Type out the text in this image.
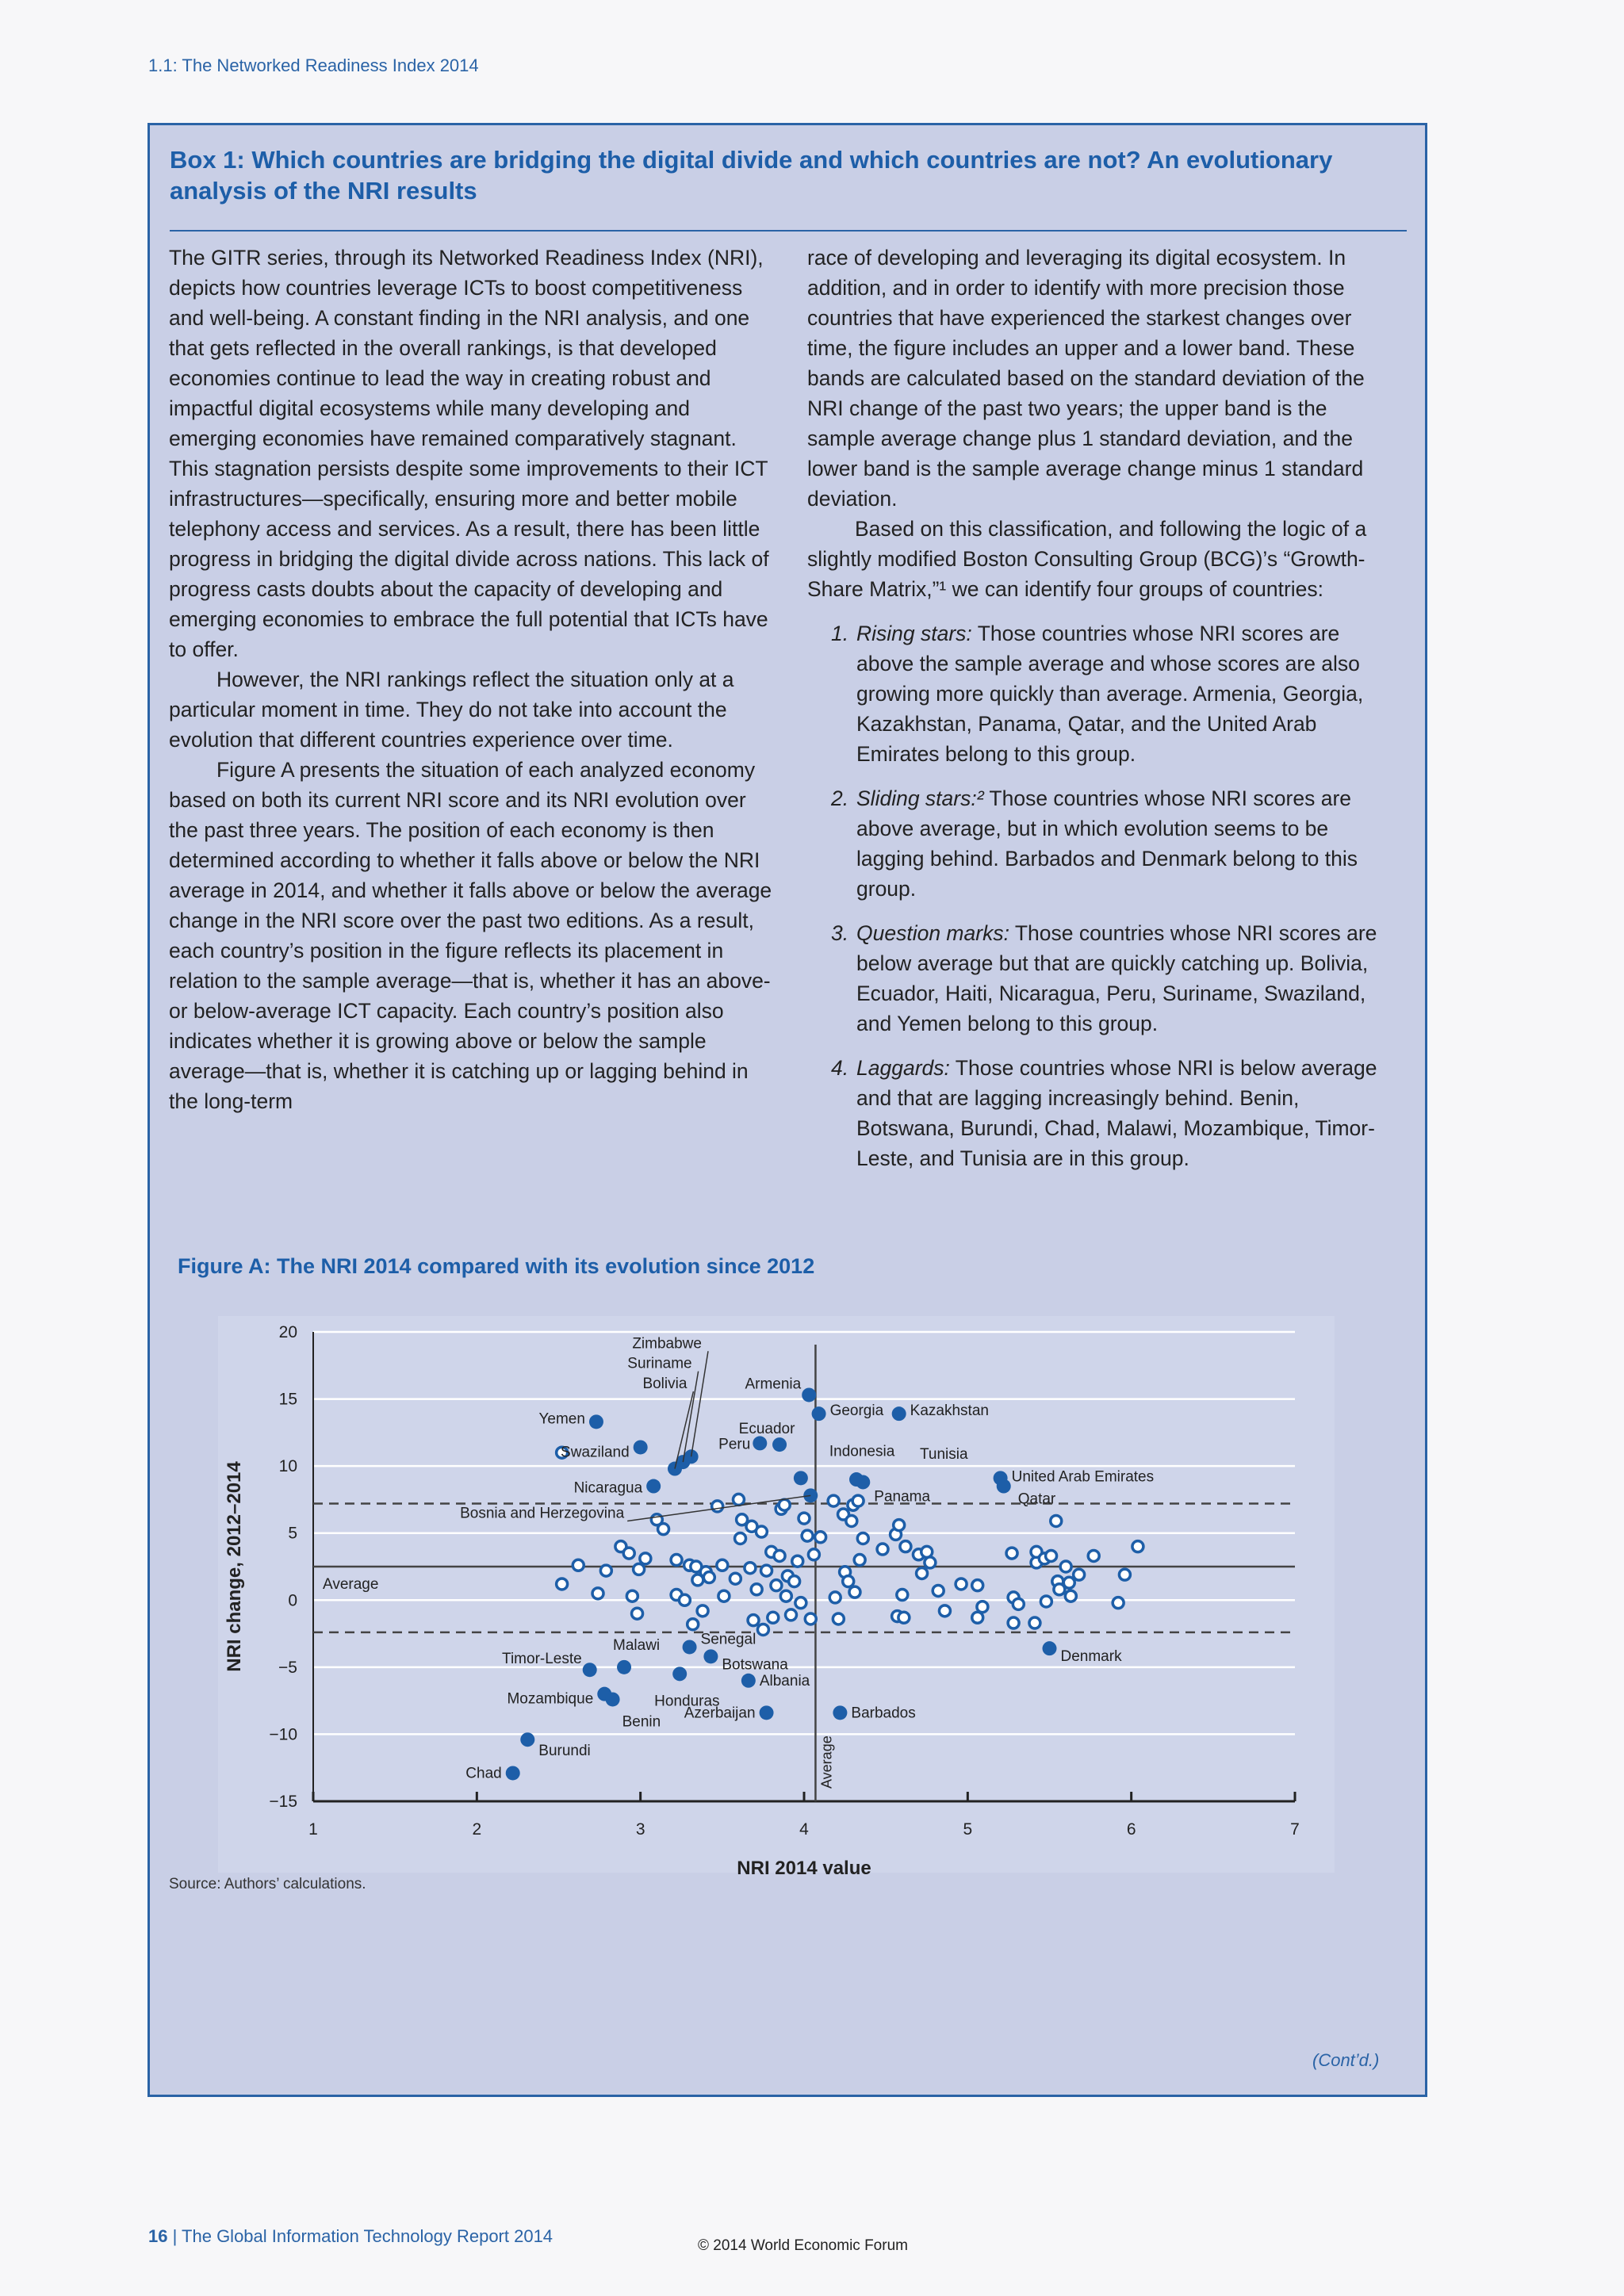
1.1: The Networked Readiness Index 2014
Box 1: Which countries are bridging the digital divide and which countries are not? An evolutionary analysis of the NRI results

The GITR series, through its Networked Readiness Index (NRI), depicts how countries leverage ICTs to boost competitiveness and well-being. A constant finding in the NRI analysis, and one that gets reflected in the overall rankings, is that developed economies continue to lead the way in creating robust and impactful digital ecosystems while many developing and emerging economies have remained comparatively stagnant. This stagnation persists despite some improvements to their ICT infrastructures—specifically, ensuring more and better mobile telephony access and services. As a result, there has been little progress in bridging the digital divide across nations. This lack of progress casts doubts about the capacity of developing and emerging economies to embrace the full potential that ICTs have to offer.

However, the NRI rankings reflect the situation only at a particular moment in time. They do not take into account the evolution that different countries experience over time.

Figure A presents the situation of each analyzed economy based on both its current NRI score and its NRI evolution over the past three years. The position of each economy is then determined according to whether it falls above or below the NRI average in 2014, and whether it falls above or below the average change in the NRI score over the past two editions. As a result, each country’s position in the figure reflects its placement in relation to the sample average—that is, whether it has an above- or below-average ICT capacity. Each country’s position also indicates whether it is growing above or below the sample average—that is, whether it is catching up or lagging behind in the long-term

race of developing and leveraging its digital ecosystem. In addition, and in order to identify with more precision those countries that have experienced the starkest changes over time, the figure includes an upper and a lower band. These bands are calculated based on the standard deviation of the NRI change of the past two years; the upper band is the sample average change plus 1 standard deviation, and the lower band is the sample average change minus 1 standard deviation.

Based on this classification, and following the logic of a slightly modified Boston Consulting Group (BCG)’s “Growth-Share Matrix,”¹ we can identify four groups of countries:

1. Rising stars: Those countries whose NRI scores are above the sample average and whose scores are also growing more quickly than average. Armenia, Georgia, Kazakhstan, Panama, Qatar, and the United Arab Emirates belong to this group.
2. Sliding stars:² Those countries whose NRI scores are above average, but in which evolution seems to be lagging behind. Barbados and Denmark belong to this group.
3. Question marks: Those countries whose NRI scores are below average but that are quickly catching up. Bolivia, Ecuador, Haiti, Nicaragua, Peru, Suriname, Swaziland, and Yemen belong to this group.
4. Laggards: Those countries whose NRI is below average and that are lagging increasingly behind. Benin, Botswana, Burundi, Chad, Malawi, Mozambique, Timor-Leste, and Tunisia are in this group.
Figure A: The NRI 2014 compared with its evolution since 2012
−15
−10
−5
0
5
10
15
20
1	2	3	4	5	6	7
Average
Average
NRI 2014 value
NRI change, 2012–2014
Armenia
Georgia Kazakhstan
Yemen
Swaziland
Zimbabwe
Suriname
Bolivia
Peru
Ecuador
Indonesia Tunisia
Panama
United Arab Emirates
Qatar
Nicaragua
Bosnia and Herzegovina
Senegal
Botswana
Malawi
Timor-Leste
Honduras
Albania
Mozambique
Benin
Azerbaijan	Barbados
Burundi
Chad
Denmark
Source: Authors’ calculations.
(Cont’d.)
16 | The Global Information Technology Report 2014	© 2014 World Economic Forum
